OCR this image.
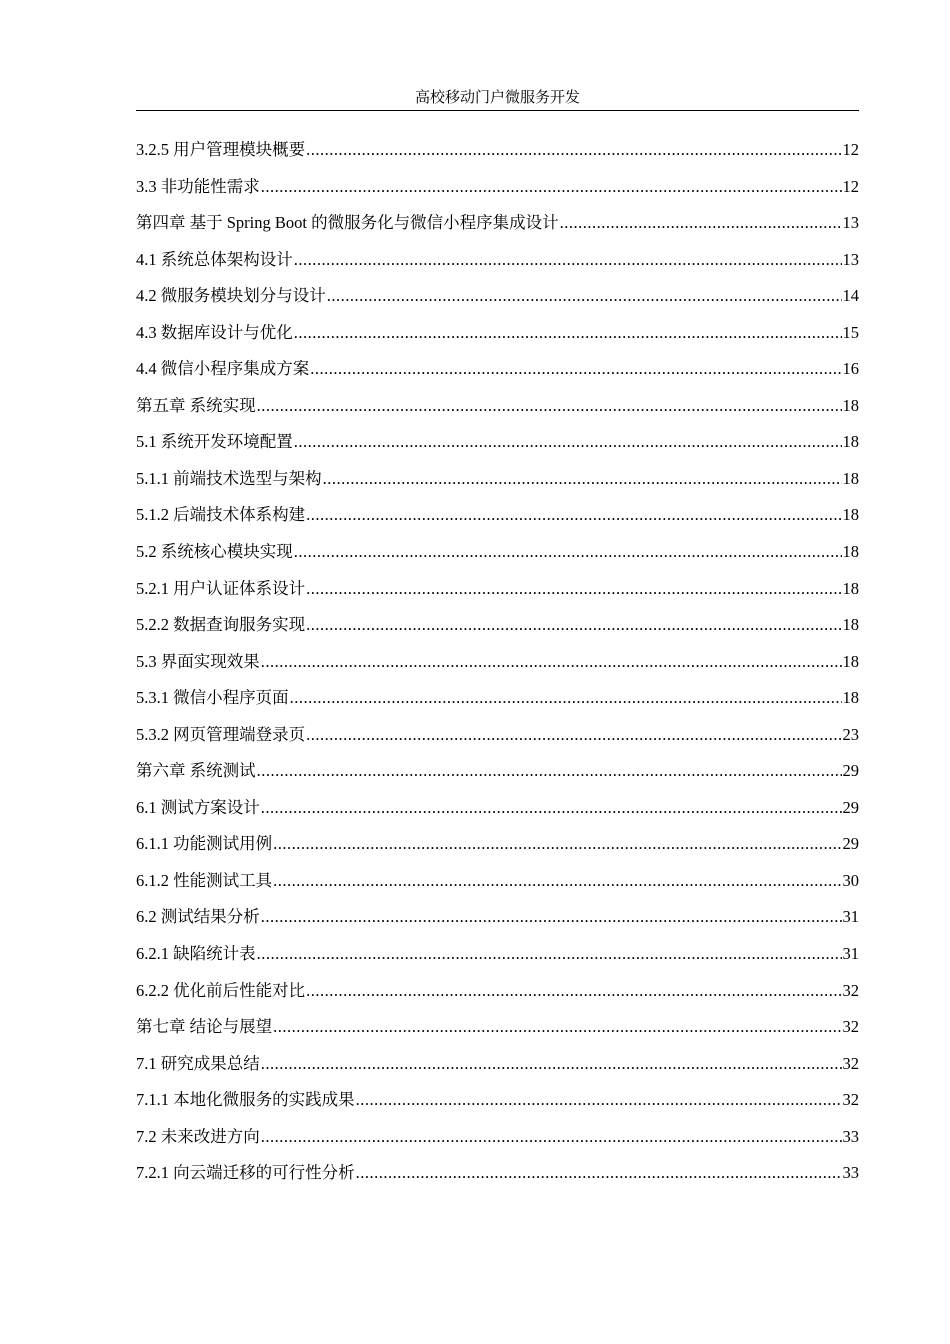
高校移动门户微服务开发
3.2.5 用户管理模块概要 .....	12
3.3 非功能性需求 .....	12
第四章 基于 Spring Boot 的微服务化与微信小程序集成设计 .....	13
4.1 系统总体架构设计 .....	13
4.2 微服务模块划分与设计 .....	14
4.3 数据库设计与优化 .....	15
4.4 微信小程序集成方案 .....	16
第五章 系统实现 .....	18
5.1 系统开发环境配置 .....	18
5.1.1 前端技术选型与架构 .....	18
5.1.2 后端技术体系构建 .....	18
5.2 系统核心模块实现 .....	18
5.2.1 用户认证体系设计 .....	18
5.2.2 数据查询服务实现 .....	18
5.3 界面实现效果 .....	18
5.3.1 微信小程序页面 .....	18
5.3.2 网页管理端登录页 .....	23
第六章 系统测试 .....	29
6.1 测试方案设计 .....	29
6.1.1 功能测试用例 .....	29
6.1.2 性能测试工具 .....	30
6.2 测试结果分析 .....	31
6.2.1 缺陷统计表 .....	31
6.2.2 优化前后性能对比 .....	32
第七章 结论与展望 .....	32
7.1 研究成果总结 .....	32
7.1.1 本地化微服务的实践成果 .....	32
7.2 未来改进方向 .....	33
7.2.1 向云端迁移的可行性分析 .....	33
